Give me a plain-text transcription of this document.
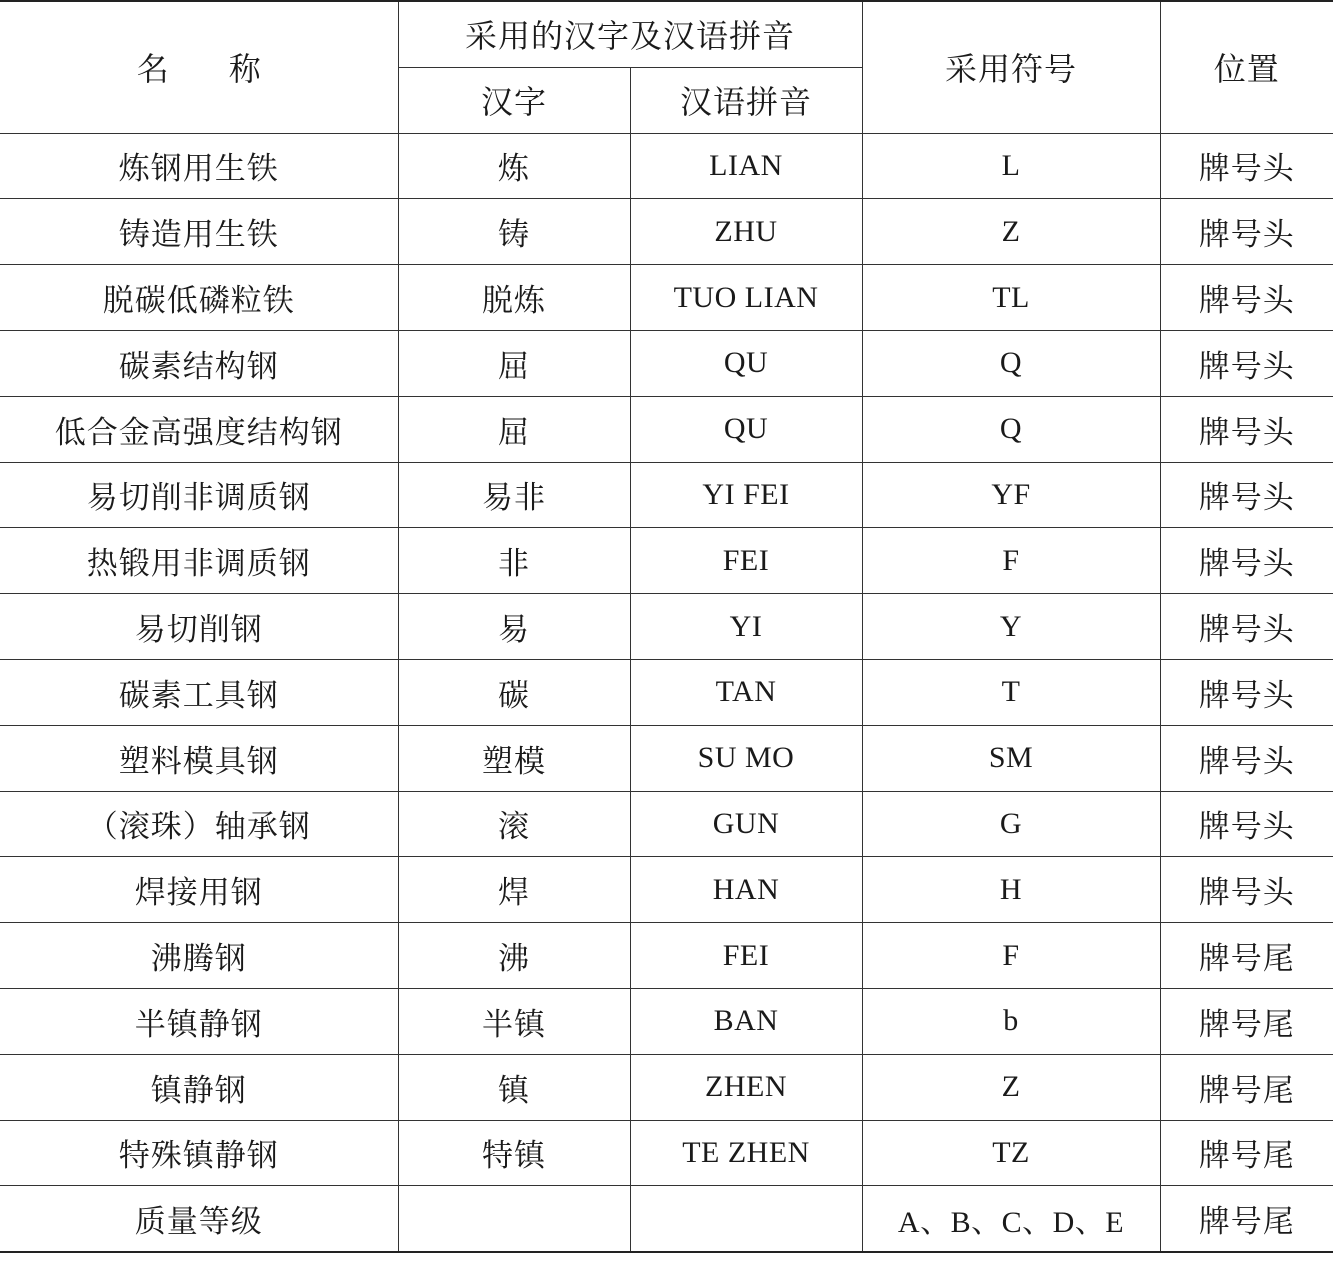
名称	采用的汉字及汉语拼音		采用符号	位置
	汉字	汉语拼音		
炼钢用生铁	炼	LIAN	L	牌号头
铸造用生铁	铸	ZHU	Z	牌号头
脱碳低磷粒铁	脱炼	TUO LIAN	TL	牌号头
碳素结构钢	屈	QU	Q	牌号头
低合金高强度结构钢	屈	QU	Q	牌号头
易切削非调质钢	易非	YI FEI	YF	牌号头
热锻用非调质钢	非	FEI	F	牌号头
易切削钢	易	YI	Y	牌号头
碳素工具钢	碳	TAN	T	牌号头
塑料模具钢	塑模	SU MO	SM	牌号头
（滚珠）轴承钢	滚	GUN	G	牌号头
焊接用钢	焊	HAN	H	牌号头
沸腾钢	沸	FEI	F	牌号尾
半镇静钢	半镇	BAN	b	牌号尾
镇静钢	镇	ZHEN	Z	牌号尾
特殊镇静钢	特镇	TE ZHEN	TZ	牌号尾
质量等级			A、B、C、D、E	牌号尾
